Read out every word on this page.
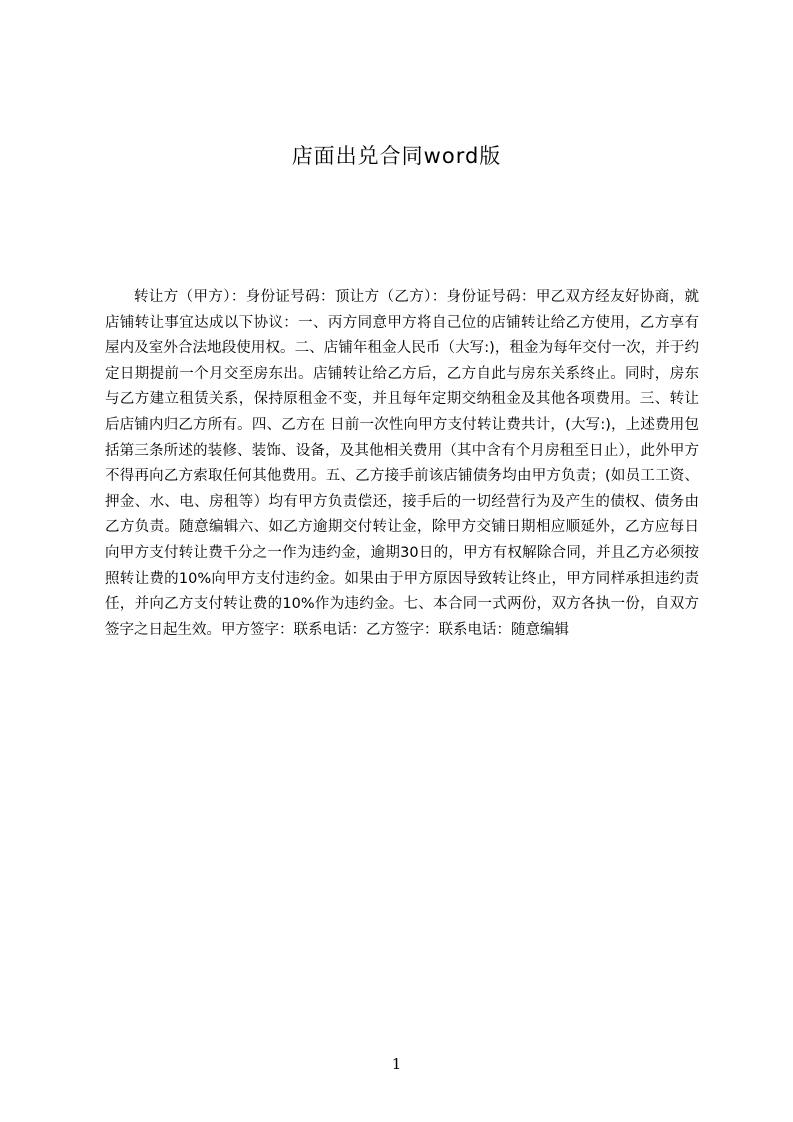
店面出兑合同word版

转让方（甲方）：身份证号码：顶让方（乙方）：身份证号码：甲乙双方经友好协商，就店铺转让事宜达成以下协议：一、丙方同意甲方将自己位的店铺转让给乙方使用，乙方享有屋内及室外合法地段使用权。二、店铺年租金人民币（大写:)，租金为每年交付一次，并于约定日期提前一个月交至房东出。店铺转让给乙方后，乙方自此与房东关系终止。同时，房东与乙方建立租赁关系，保持原租金不变，并且每年定期交纳租金及其他各项费用。三、转让后店铺内归乙方所有。四、乙方在 日前一次性向甲方支付转让费共计，(大写:)，上述费用包括第三条所述的装修、装饰、设备，及其他相关费用（其中含有个月房租至日止），此外甲方不得再向乙方索取任何其他费用。五、乙方接手前该店铺债务均由甲方负责；(如员工工资、押金、水、电、房租等）均有甲方负责偿还，接手后的一切经营行为及产生的债权、债务由乙方负责。随意编辑六、如乙方逾期交付转让金，除甲方交铺日期相应顺延外，乙方应每日向甲方支付转让费千分之一作为违约金，逾期30日的，甲方有权解除合同，并且乙方必须按照转让费的10%向甲方支付违约金。如果由于甲方原因导致转让终止，甲方同样承担违约责任，并向乙方支付转让费的10%作为违约金。七、本合同一式两份，双方各执一份，自双方签字之日起生效。甲方签字：联系电话：乙方签字：联系电话：随意编辑

1
